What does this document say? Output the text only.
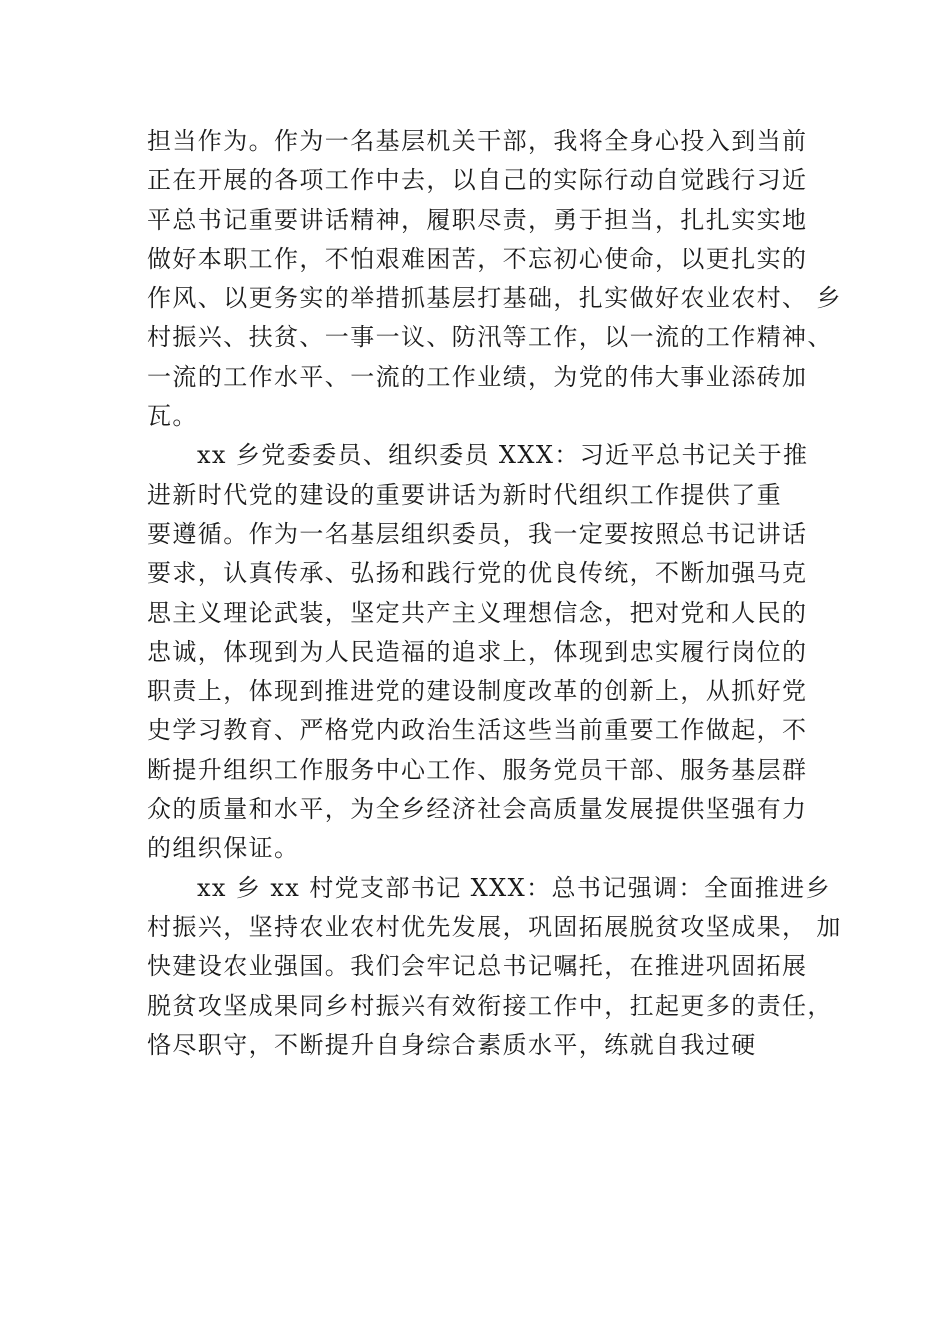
担当作为。作为一名基层机关干部，我将全身心投入到当前
正在开展的各项工作中去，以自己的实际行动自觉践行习近
平总书记重要讲话精神，履职尽责，勇于担当，扎扎实实地
做好本职工作，不怕艰难困苦，不忘初心使命，以更扎实的
作风、以更务实的举措抓基层打基础，扎实做好农业农村、 乡
村振兴、扶贫、一事一议、防汛等工作，以一流的工作精神、
一流的工作水平、一流的工作业绩，为党的伟大事业添砖加
瓦。
xx 乡党委委员、组织委员 XXX：习近平总书记关于推
进新时代党的建设的重要讲话为新时代组织工作提供了重
要遵循。作为一名基层组织委员，我一定要按照总书记讲话
要求，认真传承、弘扬和践行党的优良传统，不断加强马克
思主义理论武装，坚定共产主义理想信念，把对党和人民的
忠诚，体现到为人民造福的追求上，体现到忠实履行岗位的
职责上，体现到推进党的建设制度改革的创新上，从抓好党
史学习教育、严格党内政治生活这些当前重要工作做起，不
断提升组织工作服务中心工作、服务党员干部、服务基层群
众的质量和水平，为全乡经济社会高质量发展提供坚强有力
的组织保证。
xx 乡 xx 村党支部书记 XXX：总书记强调：全面推进乡
村振兴，坚持农业农村优先发展，巩固拓展脱贫攻坚成果， 加
快建设农业强国。我们会牢记总书记嘱托，在推进巩固拓展
脱贫攻坚成果同乡村振兴有效衔接工作中，扛起更多的责任，
恪尽职守，不断提升自身综合素质水平，练就自我过硬
